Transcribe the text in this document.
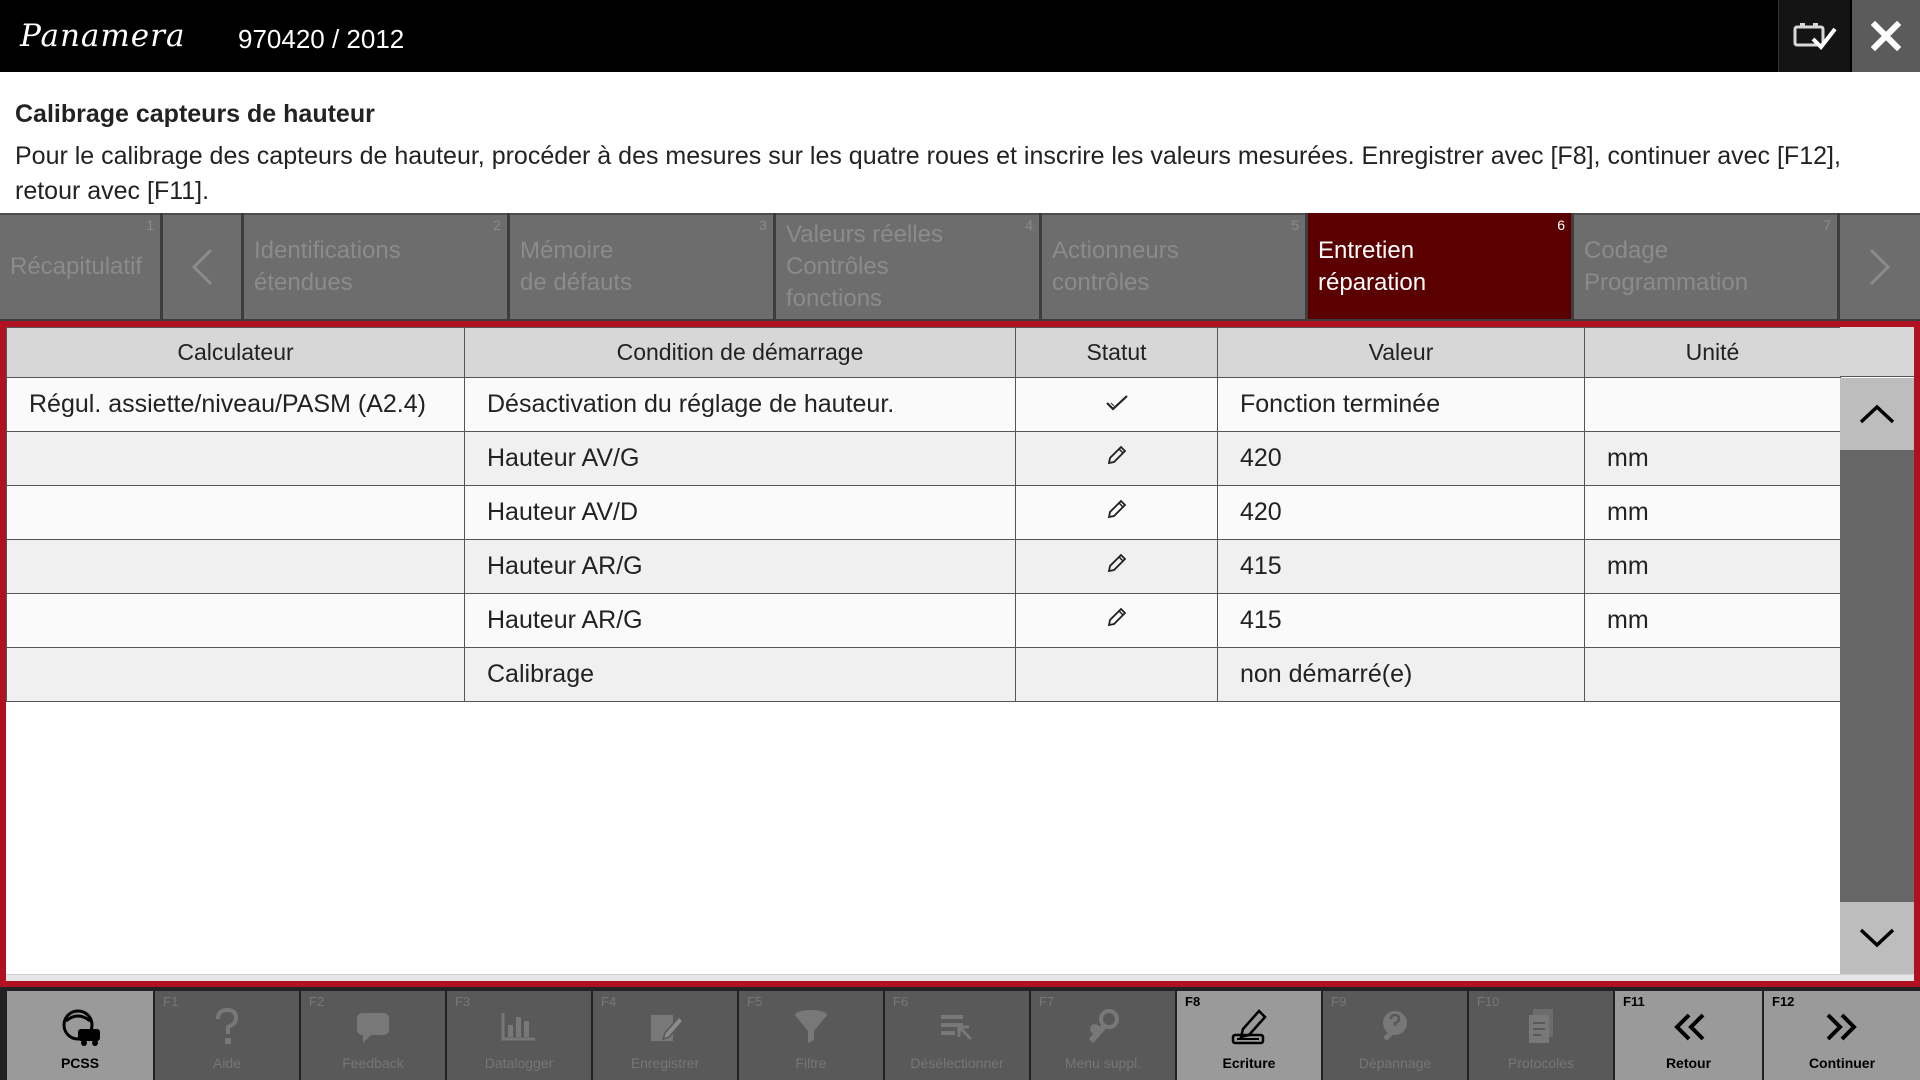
Panamera 970420 / 2012
Calibrage capteurs de hauteur
Pour le calibrage des capteurs de hauteur, procéder à des mesures sur les quatre roues et inscrire les valeurs mesurées. Enregistrer avec [F8], continuer avec [F12], retour avec [F11].
Récapitulatif
1
Identifications
étendues
2
Mémoire
de défauts
3 Valeurs réelles
Contrôles
fonctions
4
Actionneurs
contrôles
5
Entretien
réparation
6
Codage
Programmation
7
Calculateur	Condition de démarrage	Statut	Valeur	Unité
Régul. assiette/niveau/PASM (A2.4)	Désactivation du réglage de hauteur.		Fonction terminée	
	Hauteur AV/G		420	mm
	Hauteur AV/D		420	mm
	Hauteur AR/G		415	mm
	Hauteur AR/G		415	mm
	Calibrage		non démarré(e)	
PCSS
F1
Aide
F2
Feedback
F3
Datalogger
F4
Enregistrer
F5
Filtre
F6
Désélectionner
F7
Menu suppl.
F8
Ecriture
F9
Dépannage
F10
Protocoles
F11
Retour
F12
Continuer
